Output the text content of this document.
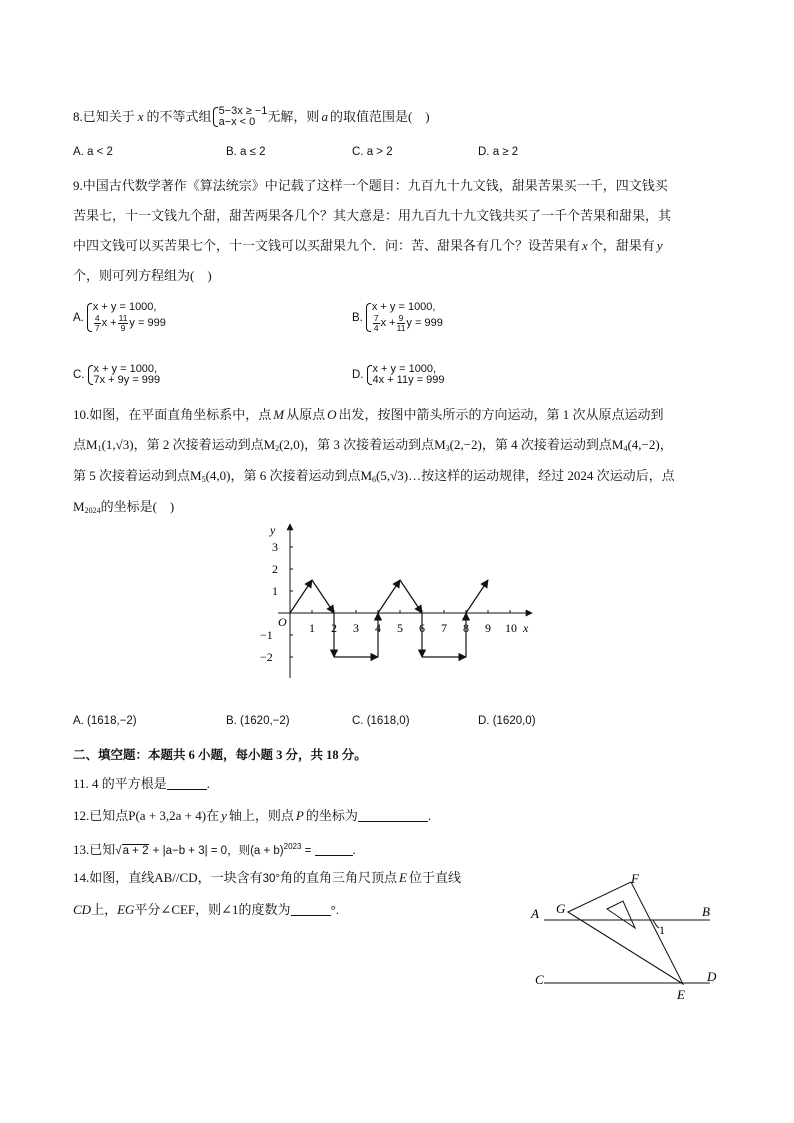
8. 已知关于 x 的不等式组 5−3x ≥ −1
a−x < 0 无解，则 a 的取值范围是(　)
A. a < 2	B. a ≤ 2	C. a > 2	D. a ≥ 2
9.中国古代数学著作《算法统宗》中记载了这样一个题目：九百九十九文钱，甜果苦果买一千，四文钱买
苦果七，十一文钱九个甜，甜苦两果各几个？其大意是：用九百九十九文钱共买了一千个苦果和甜果，其
中四文钱可以买苦果七个，十一文钱可以买甜果九个．问：苦、甜果各有几个？设苦果有 x 个，甜果有 y
个，则可列方程组为(　)
A.
x + y = 1000,

$\frac{4}{7}$ $x + \frac{11}{9}$ y = 999	B.
x + y = 1000,

$\frac{7}{4}$ $x + \frac{9}{11}$ y = 999
C. x + y = 1000,
7x + 9y = 999	D. x + y = 1000,
4x + 11y = 999
10.如图，在平面直角坐标系中，点 M 从原点 O 出发，按图中箭头所示的方向运动，第 1 次从原点运动到
点$M_1(1,√3)$，第 2 次接着运动到点$M_2(2,0)$，第 3 次接着运动到点$M_3(2,-2)$，第 4 次接着运动到点$M_4(4,-2)$，
第 5 次接着运动到点$M_5(4,0)$，第 6 次接着运动到点$M_6(5,√3)\dots$按这样的运动规律，经过 2024 次运动后，点
$M_{2024}$的坐标是(　)
y
x
O 1 2 3 4 5 6 7 8 9 10
3
2
1
−1
−2
A. (1618,−2)	B. (1620,−2)	C. (1618,0)	D. (1620,0)
二、填空题：本题共 6 小题，每小题 3 分，共 18 分。
11. 4 的平方根是	.
12.已知点P(a + 3,2a + 4)在 y 轴上，则点 P 的坐标为	.
13.已知√a + 2 + |a−b + 3| = 0，则$(a + b)^{2023}$ =	.
14.如图，直线AB//CD，一块含有30°角的直角三角尺顶点 E 位于直线
CD上，EG平分∠CEF，则∠1的度数为	°.	A	B
C	D
E
F
G
1
